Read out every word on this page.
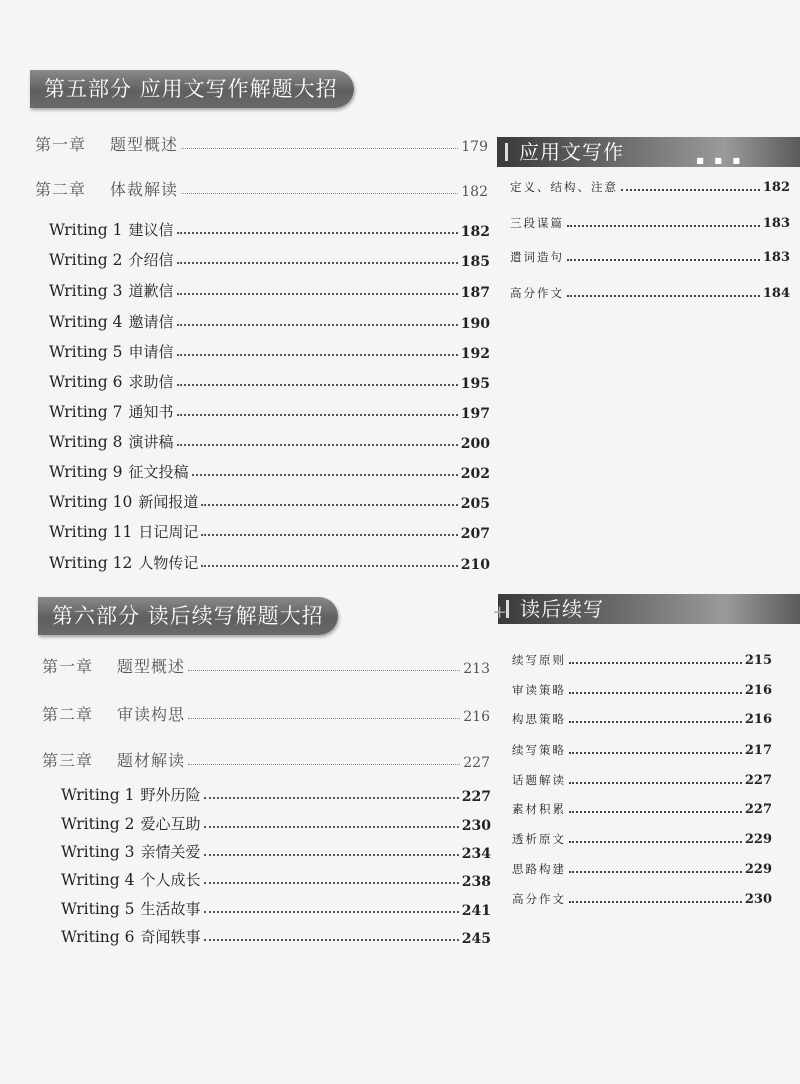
第五部分 应用文写作解题大招
第一章 题型概述	179
第二章 体裁解读	182
Writing 1 建议信	182
Writing 2 介绍信	185
Writing 3 道歉信	187
Writing 4 邀请信	190
Writing 5 申请信	192
Writing 6 求助信	195
Writing 7 通知书	197
Writing 8 演讲稿	200
Writing 9 征文投稿	202
Writing 10 新闻报道	205
Writing 11 日记周记	207
Writing 12 人物传记	210
应用文写作	■ ■ ■
定义、结构、注意	182
三段谋篇	183
遣词造句	183
高分作文	184
第六部分 读后续写解题大招
第一章 题型概述	213
第二章 审读构思	216
第三章 题材解读	227
Writing 1 野外历险	227
Writing 2 爱心互助	230
Writing 3 亲情关爱	234
Writing 4 个人成长	238
Writing 5 生活故事	241
Writing 6 奇闻轶事	245
+ 读后续写
续写原则	215
审读策略	216
构思策略	216
续写策略	217
话题解读	227
素材积累	227
透析原文	229
思路构建	229
高分作文	230
